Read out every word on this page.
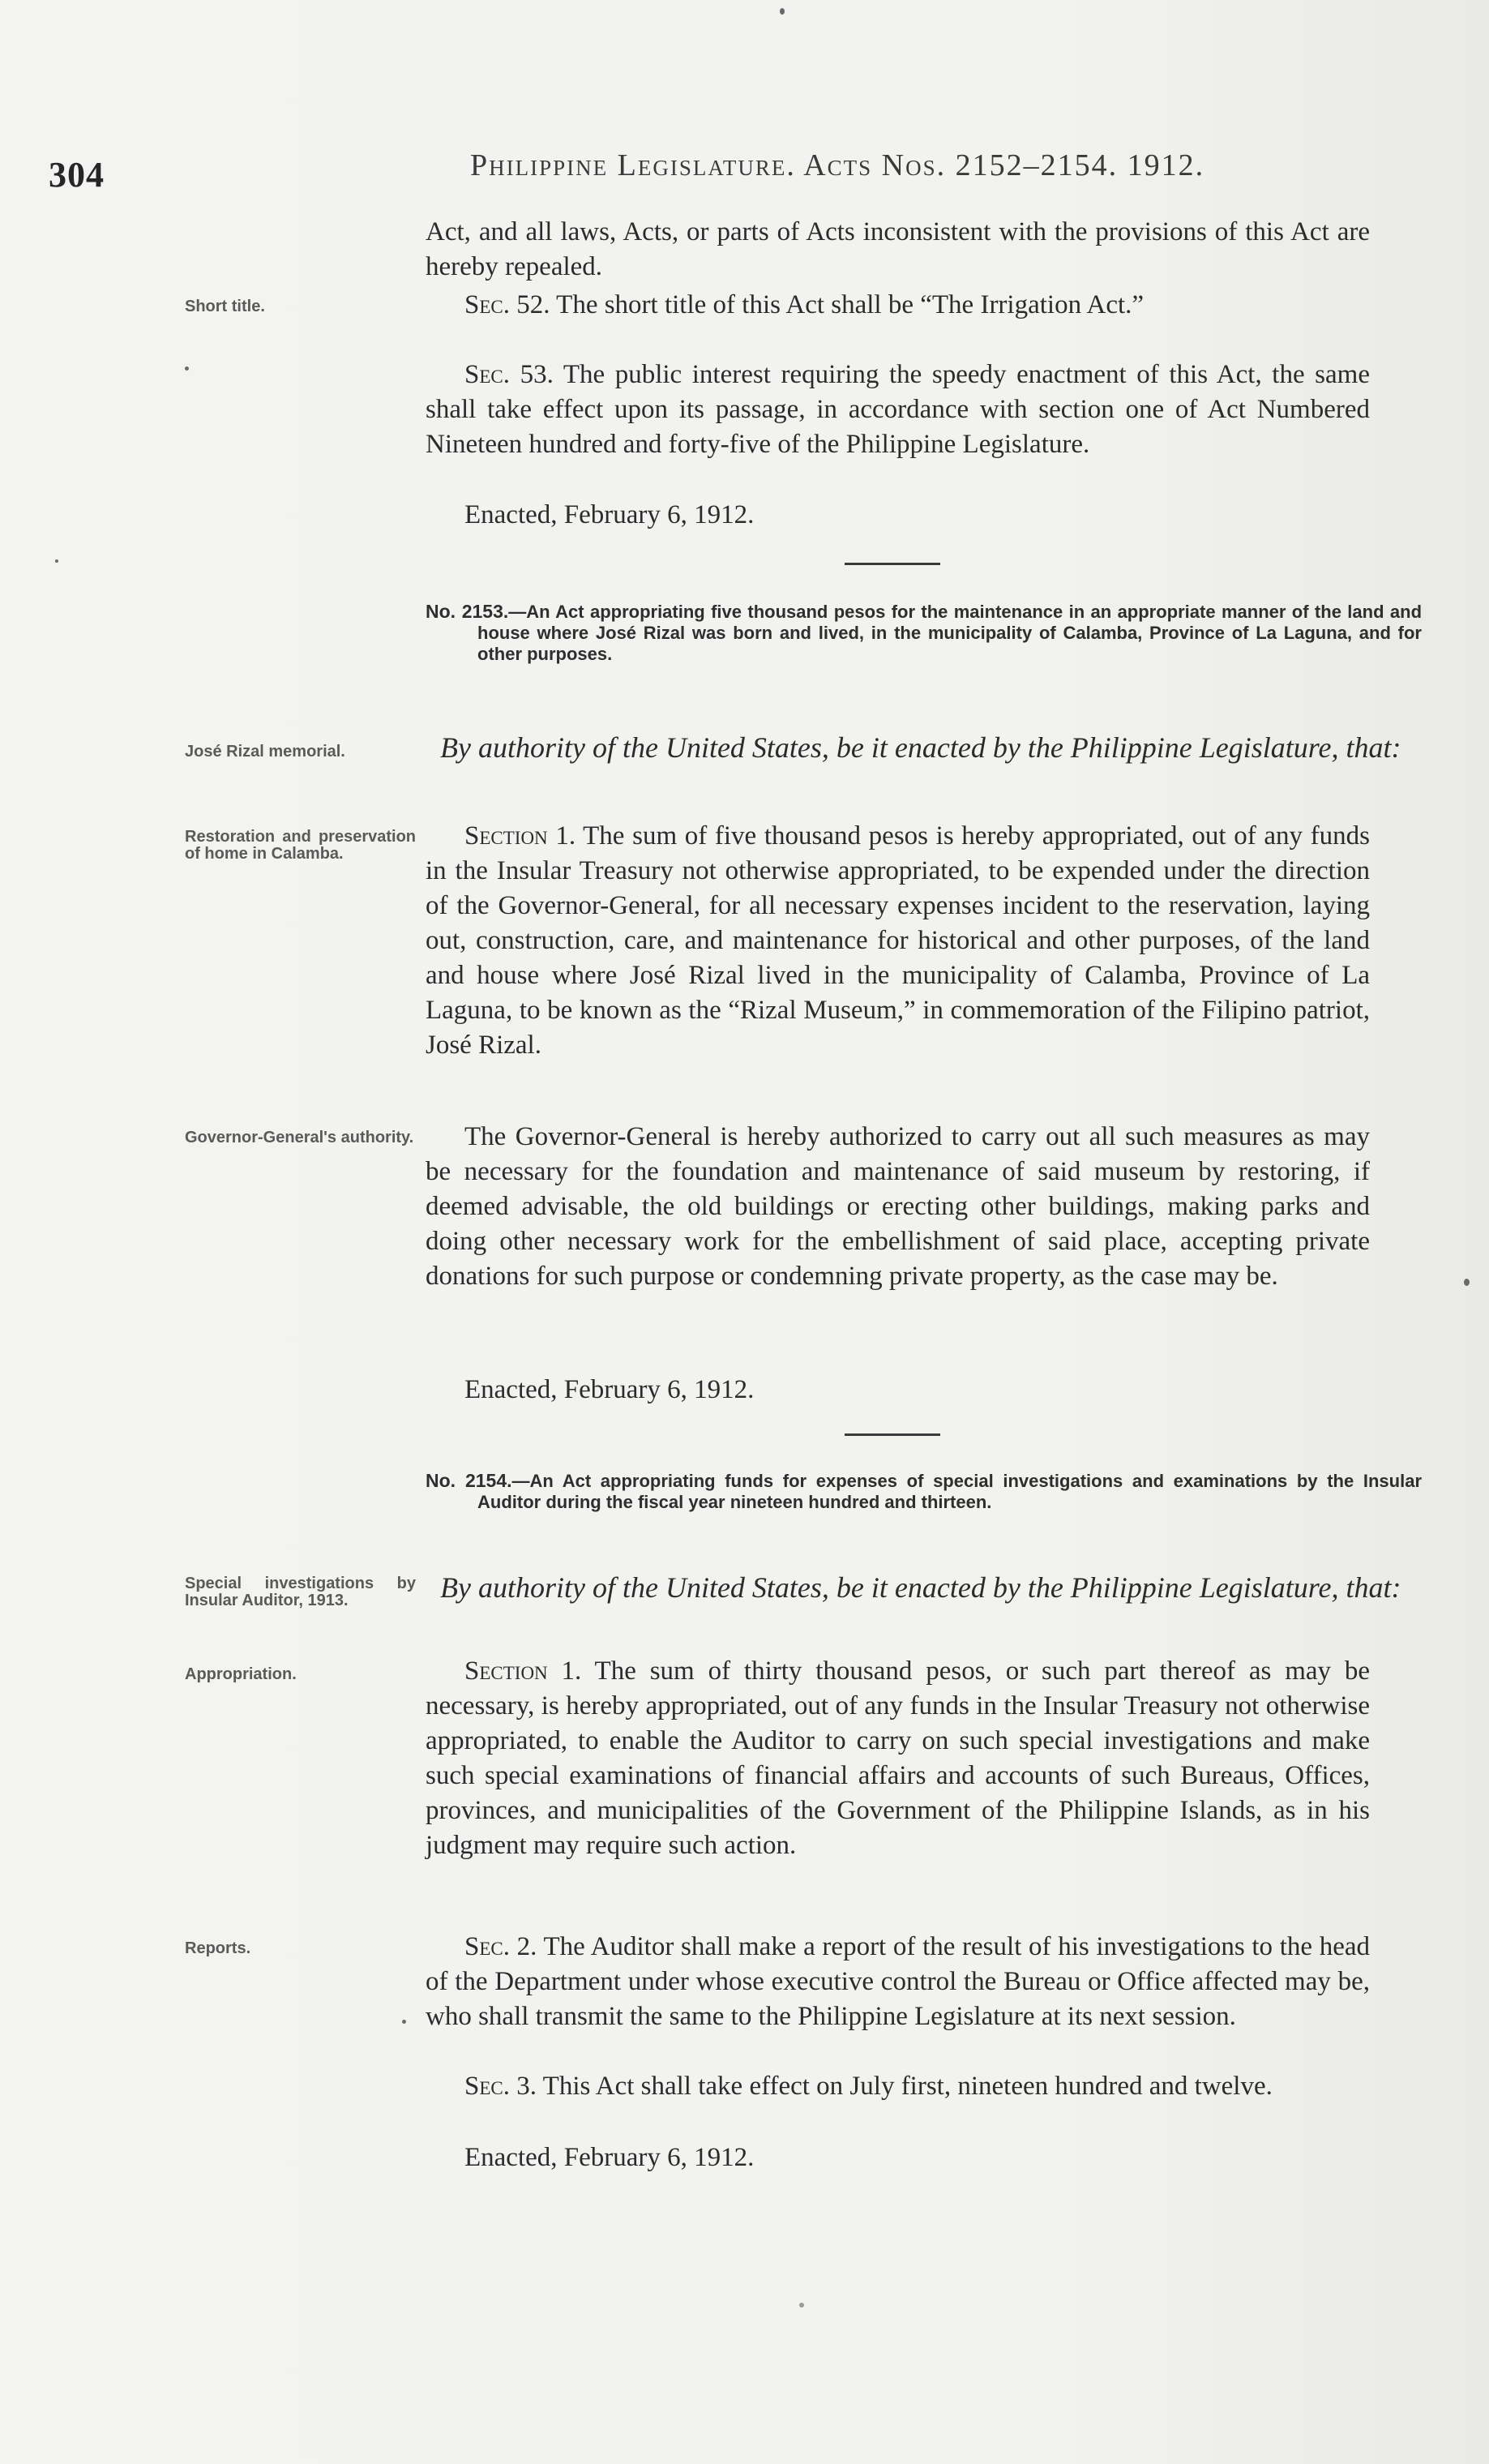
304	Philippine Legislature. Acts Nos. 2152–2154. 1912.
Act, and all laws, Acts, or parts of Acts inconsistent with the provisions of this Act are hereby repealed.
Short title.	Sec. 52. The short title of this Act shall be “The Irrigation Act.”
Sec. 53. The public interest requiring the speedy enactment of this Act, the same shall take effect upon its passage, in accordance with section one of Act Numbered Nineteen hundred and forty-five of the Philippine Legislature.
Enacted, February 6, 1912.
No. 2153.—An Act appropriating five thousand pesos for the maintenance in an appropriate manner of the land and house where José Rizal was born and lived, in the municipality of Calamba, Province of La Laguna, and for other purposes.
José Rizal memorial.	By authority of the United States, be it enacted by the Philippine Legislature, that:
Restoration and preservation of home in Calamba.
Section 1. The sum of five thousand pesos is hereby appropriated, out of any funds in the Insular Treasury not otherwise appropriated, to be expended under the direction of the Governor-General, for all necessary expenses incident to the reservation, laying out, construction, care, and maintenance for historical and other purposes, of the land and house where José Rizal lived in the municipality of Calamba, Province of La Laguna, to be known as the “Rizal Museum,” in commemoration of the Filipino patriot, José Rizal.
Governor-General's authority.	The Governor-General is hereby authorized to carry out all such measures as may be necessary for the foundation and maintenance of said museum by restoring, if deemed advisable, the old buildings or erecting other buildings, making parks and doing other necessary work for the embellishment of said place, accepting private donations for such purpose or condemning private property, as the case may be.
Enacted, February 6, 1912.
No. 2154.—An Act appropriating funds for expenses of special investigations and examinations by the Insular Auditor during the fiscal year nineteen hundred and thirteen.
Special investigations by Insular Auditor, 1913.	By authority of the United States, be it enacted by the Philippine Legislature, that:
Appropriation.	Section 1. The sum of thirty thousand pesos, or such part thereof as may be necessary, is hereby appropriated, out of any funds in the Insular Treasury not otherwise appropriated, to enable the Auditor to carry on such special investigations and make such special examinations of financial affairs and accounts of such Bureaus, Offices, provinces, and municipalities of the Government of the Philippine Islands, as in his judgment may require such action.
Reports.	Sec. 2. The Auditor shall make a report of the result of his investigations to the head of the Department under whose executive control the Bureau or Office affected may be, who shall transmit the same to the Philippine Legislature at its next session.
Sec. 3. This Act shall take effect on July first, nineteen hundred and twelve.
Enacted, February 6, 1912.
